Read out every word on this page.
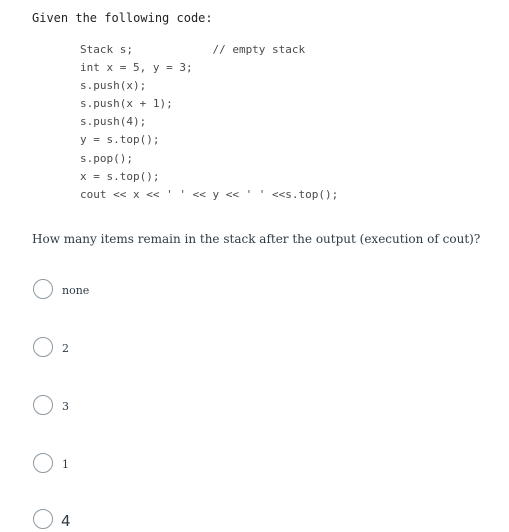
Given the following code:
Stack s;            // empty stack
int x = 5, y = 3;
s.push(x);
s.push(x + 1);
s.push(4);
y = s.top();
s.pop();
x = s.top();
cout << x << ' ' << y << ' ' <<s.top();
How many items remain in the stack after the output (execution of cout)?
none
2
3
1
4
